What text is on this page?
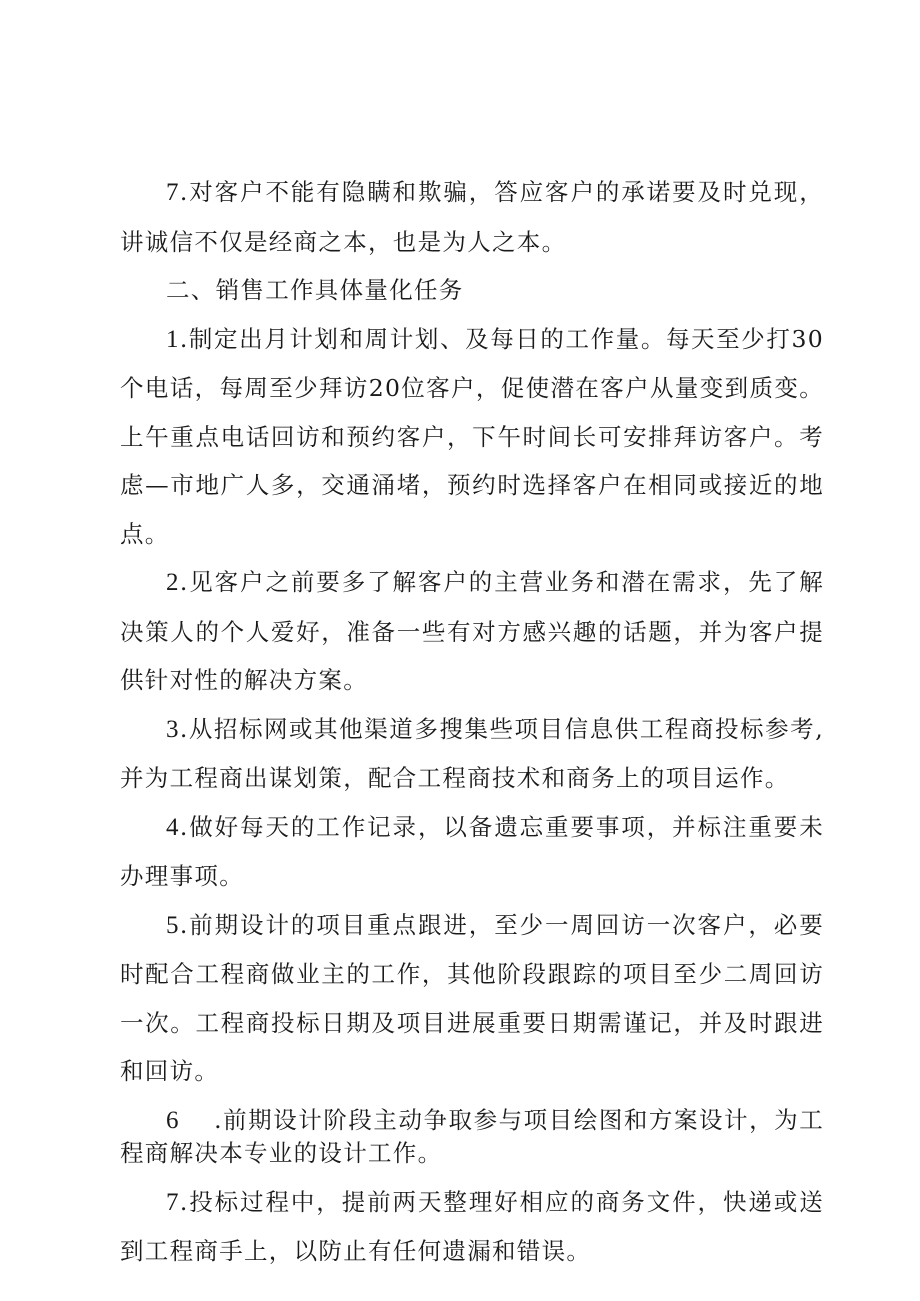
7.对客户不能有隐瞒和欺骗，答应客户的承诺要及时兑现，讲诚信不仅是经商之本，也是为人之本。

二、销售工作具体量化任务

1.制定出月计划和周计划、及每日的工作量。每天至少打30个电话，每周至少拜访20位客户，促使潜在客户从量变到质变。上午重点电话回访和预约客户，下午时间长可安排拜访客户。考虑—市地广人多，交通涌堵，预约时选择客户在相同或接近的地点。

2.见客户之前要多了解客户的主营业务和潜在需求，先了解决策人的个人爱好，准备一些有对方感兴趣的话题，并为客户提供针对性的解决方案。

3.从招标网或其他渠道多搜集些项目信息供工程商投标参考,并为工程商出谋划策，配合工程商技术和商务上的项目运作。

4.做好每天的工作记录，以备遗忘重要事项，并标注重要未办理事项。

5.前期设计的项目重点跟进，至少一周回访一次客户，必要时配合工程商做业主的工作，其他阶段跟踪的项目至少二周回访一次。工程商投标日期及项目进展重要日期需谨记，并及时跟进和回访。

6　 .前期设计阶段主动争取参与项目绘图和方案设计，为工程商解决本专业的设计工作。

7.投标过程中，提前两天整理好相应的商务文件，快递或送到工程商手上，以防止有任何遗漏和错误。
